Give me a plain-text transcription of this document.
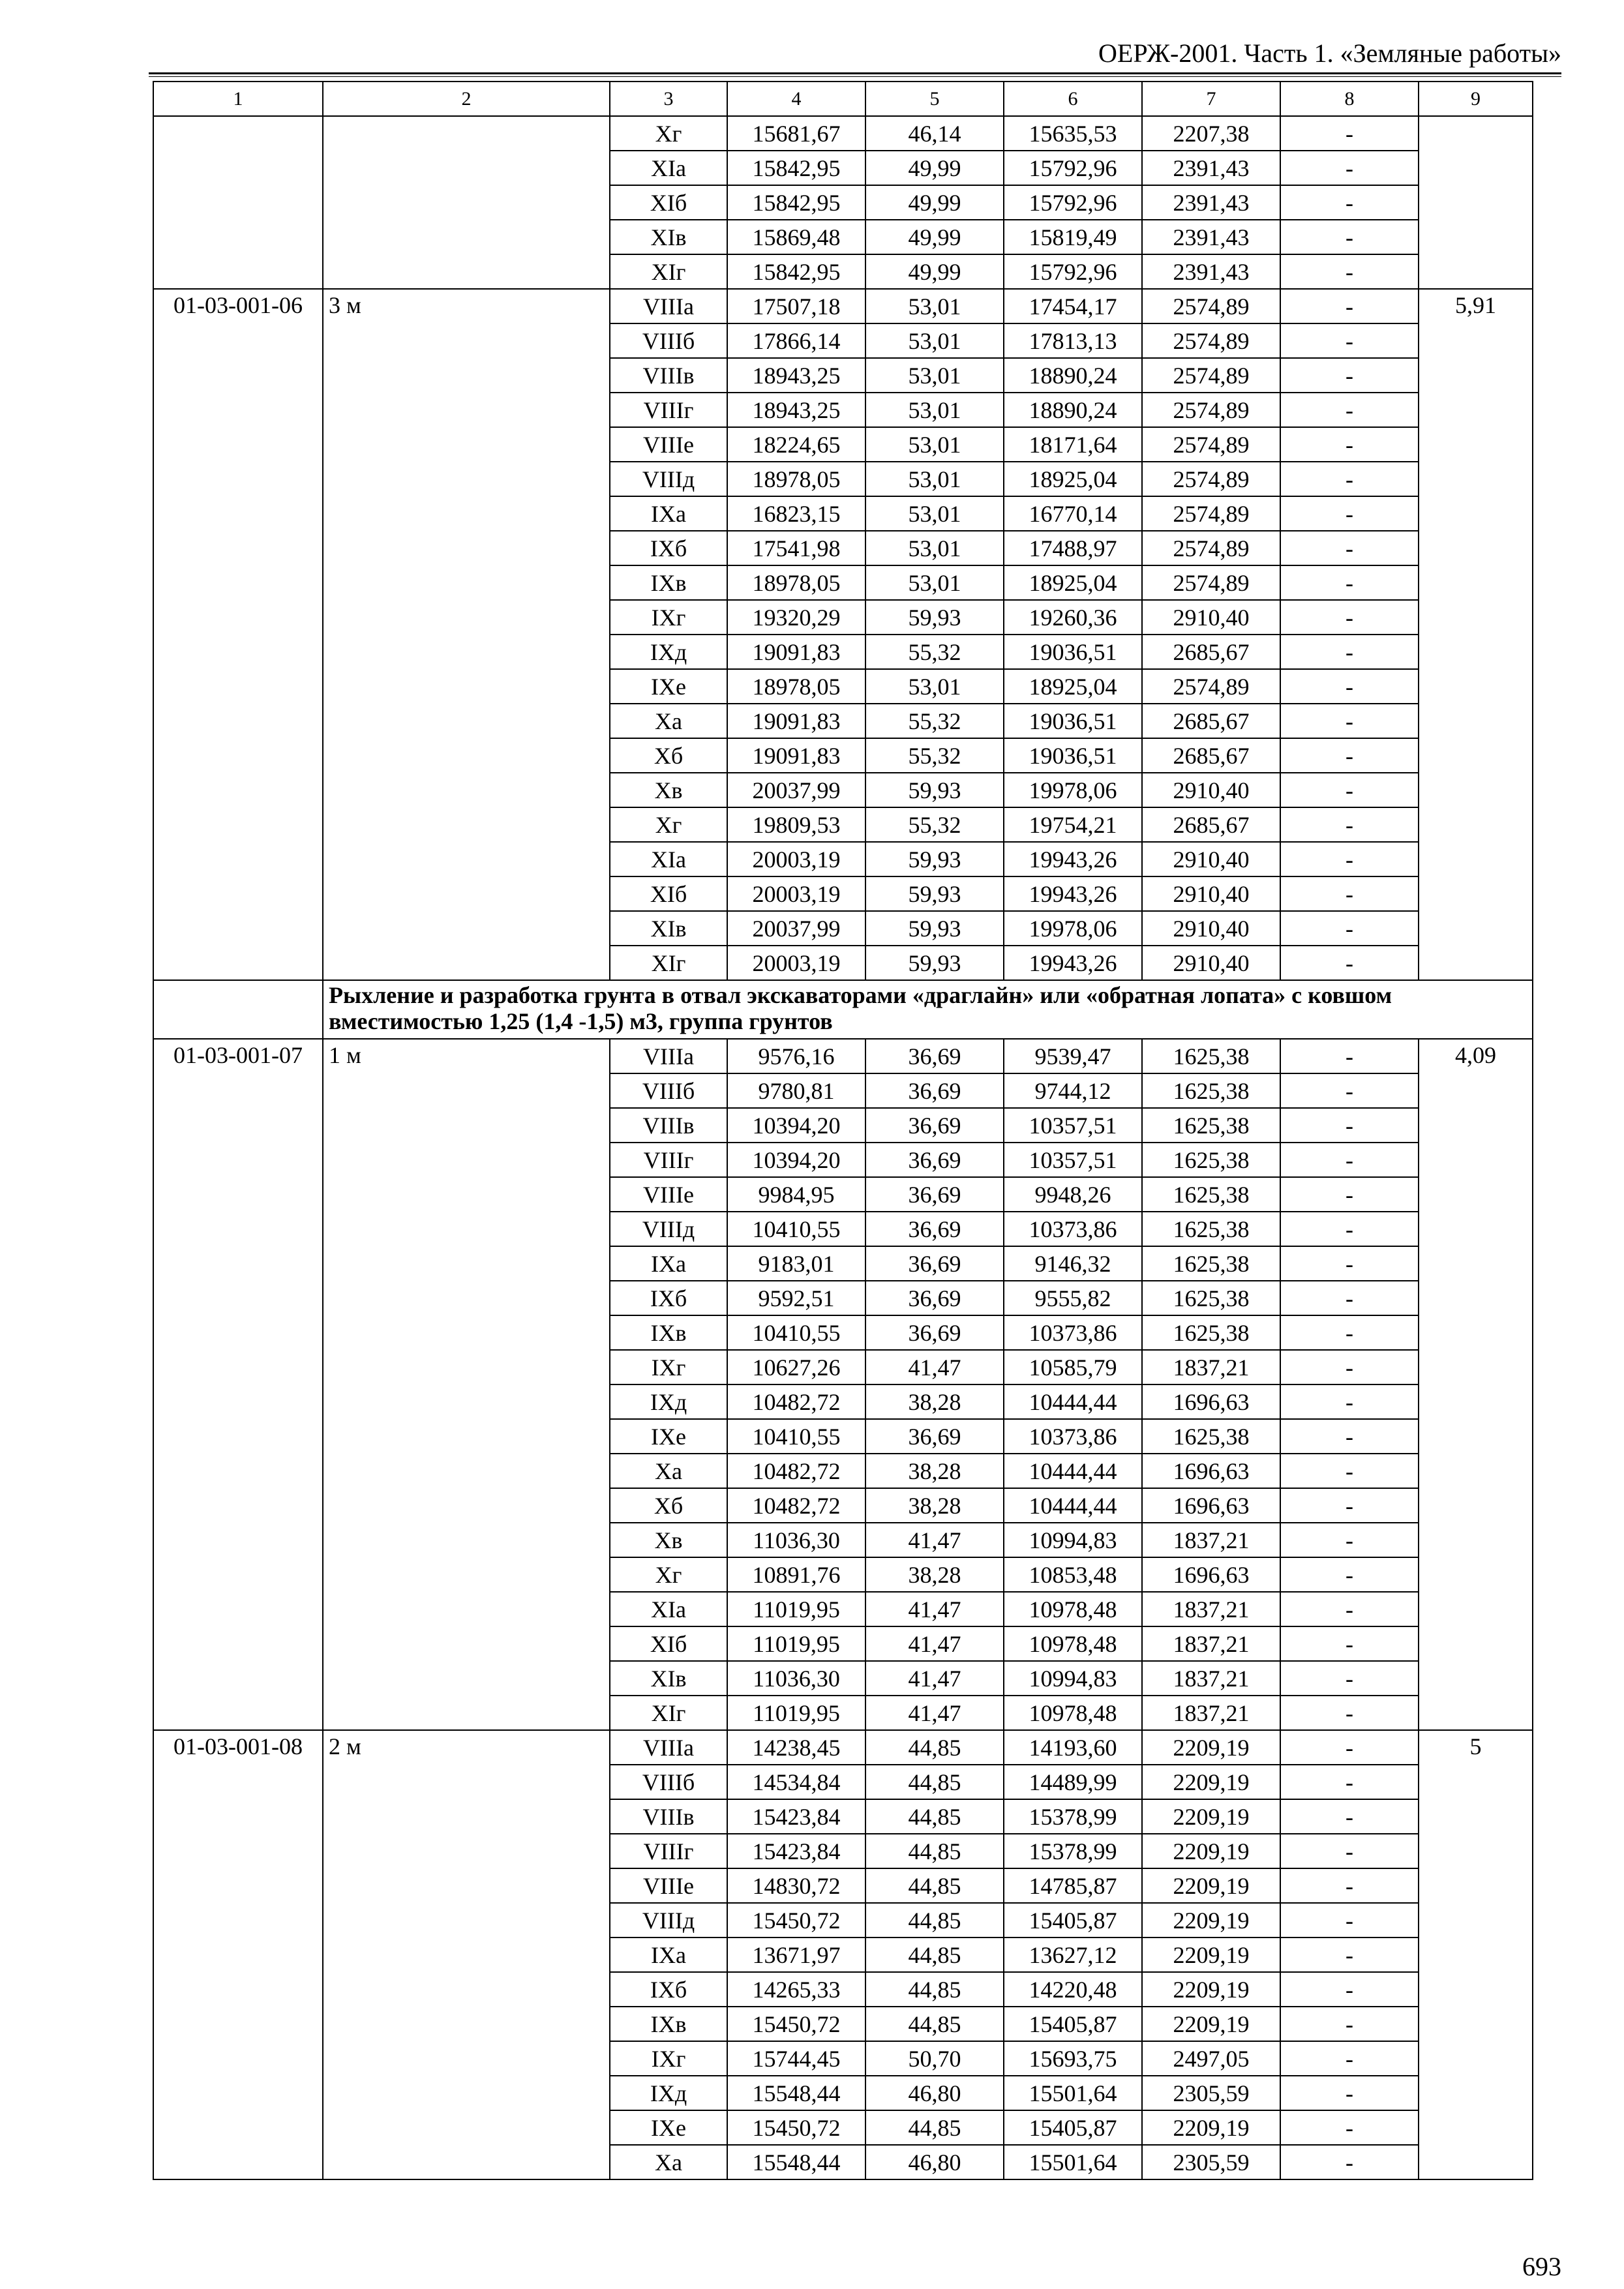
ОЕРЖ-2001. Часть 1. «Земляные работы»
1	2	3	4	5	6	7	8	9
		Xг	15681,67	46,14	15635,53	2207,38	-	
		XIа	15842,95	49,99	15792,96	2391,43	-	
		XIб	15842,95	49,99	15792,96	2391,43	-	
		XIв	15869,48	49,99	15819,49	2391,43	-	
		XIг	15842,95	49,99	15792,96	2391,43	-	
01-03-001-06	3 м	VIIIа	17507,18	53,01	17454,17	2574,89	-	5,91
		VIIIб	17866,14	53,01	17813,13	2574,89	-	
		VIIIв	18943,25	53,01	18890,24	2574,89	-	
		VIIIг	18943,25	53,01	18890,24	2574,89	-	
		VIIIе	18224,65	53,01	18171,64	2574,89	-	
		VIIIд	18978,05	53,01	18925,04	2574,89	-	
		IXа	16823,15	53,01	16770,14	2574,89	-	
		IXб	17541,98	53,01	17488,97	2574,89	-	
		IXв	18978,05	53,01	18925,04	2574,89	-	
		IXг	19320,29	59,93	19260,36	2910,40	-	
		IXд	19091,83	55,32	19036,51	2685,67	-	
		IXе	18978,05	53,01	18925,04	2574,89	-	
		Xа	19091,83	55,32	19036,51	2685,67	-	
		Xб	19091,83	55,32	19036,51	2685,67	-	
		Xв	20037,99	59,93	19978,06	2910,40	-	
		Xг	19809,53	55,32	19754,21	2685,67	-	
		XIа	20003,19	59,93	19943,26	2910,40	-	
		XIб	20003,19	59,93	19943,26	2910,40	-	
		XIв	20037,99	59,93	19978,06	2910,40	-	
		XIг	20003,19	59,93	19943,26	2910,40	-	
	Рыхление и разработка грунта в отвал экскаваторами «драглайн» или «обратная лопата» с ковшом вместимостью 1,25 (1,4 -1,5) м3, группа грунтов							
01-03-001-07	1 м	VIIIа	9576,16	36,69	9539,47	1625,38	-	4,09
		VIIIб	9780,81	36,69	9744,12	1625,38	-	
		VIIIв	10394,20	36,69	10357,51	1625,38	-	
		VIIIг	10394,20	36,69	10357,51	1625,38	-	
		VIIIе	9984,95	36,69	9948,26	1625,38	-	
		VIIIд	10410,55	36,69	10373,86	1625,38	-	
		IXа	9183,01	36,69	9146,32	1625,38	-	
		IXб	9592,51	36,69	9555,82	1625,38	-	
		IXв	10410,55	36,69	10373,86	1625,38	-	
		IXг	10627,26	41,47	10585,79	1837,21	-	
		IXд	10482,72	38,28	10444,44	1696,63	-	
		IXе	10410,55	36,69	10373,86	1625,38	-	
		Xа	10482,72	38,28	10444,44	1696,63	-	
		Xб	10482,72	38,28	10444,44	1696,63	-	
		Xв	11036,30	41,47	10994,83	1837,21	-	
		Xг	10891,76	38,28	10853,48	1696,63	-	
		XIа	11019,95	41,47	10978,48	1837,21	-	
		XIб	11019,95	41,47	10978,48	1837,21	-	
		XIв	11036,30	41,47	10994,83	1837,21	-	
		XIг	11019,95	41,47	10978,48	1837,21	-	
01-03-001-08	2 м	VIIIа	14238,45	44,85	14193,60	2209,19	-	5
		VIIIб	14534,84	44,85	14489,99	2209,19	-	
		VIIIв	15423,84	44,85	15378,99	2209,19	-	
		VIIIг	15423,84	44,85	15378,99	2209,19	-	
		VIIIе	14830,72	44,85	14785,87	2209,19	-	
		VIIIд	15450,72	44,85	15405,87	2209,19	-	
		IXа	13671,97	44,85	13627,12	2209,19	-	
		IXб	14265,33	44,85	14220,48	2209,19	-	
		IXв	15450,72	44,85	15405,87	2209,19	-	
		IXг	15744,45	50,70	15693,75	2497,05	-	
		IXд	15548,44	46,80	15501,64	2305,59	-	
		IXе	15450,72	44,85	15405,87	2209,19	-	
		Xа	15548,44	46,80	15501,64	2305,59	-	
693
